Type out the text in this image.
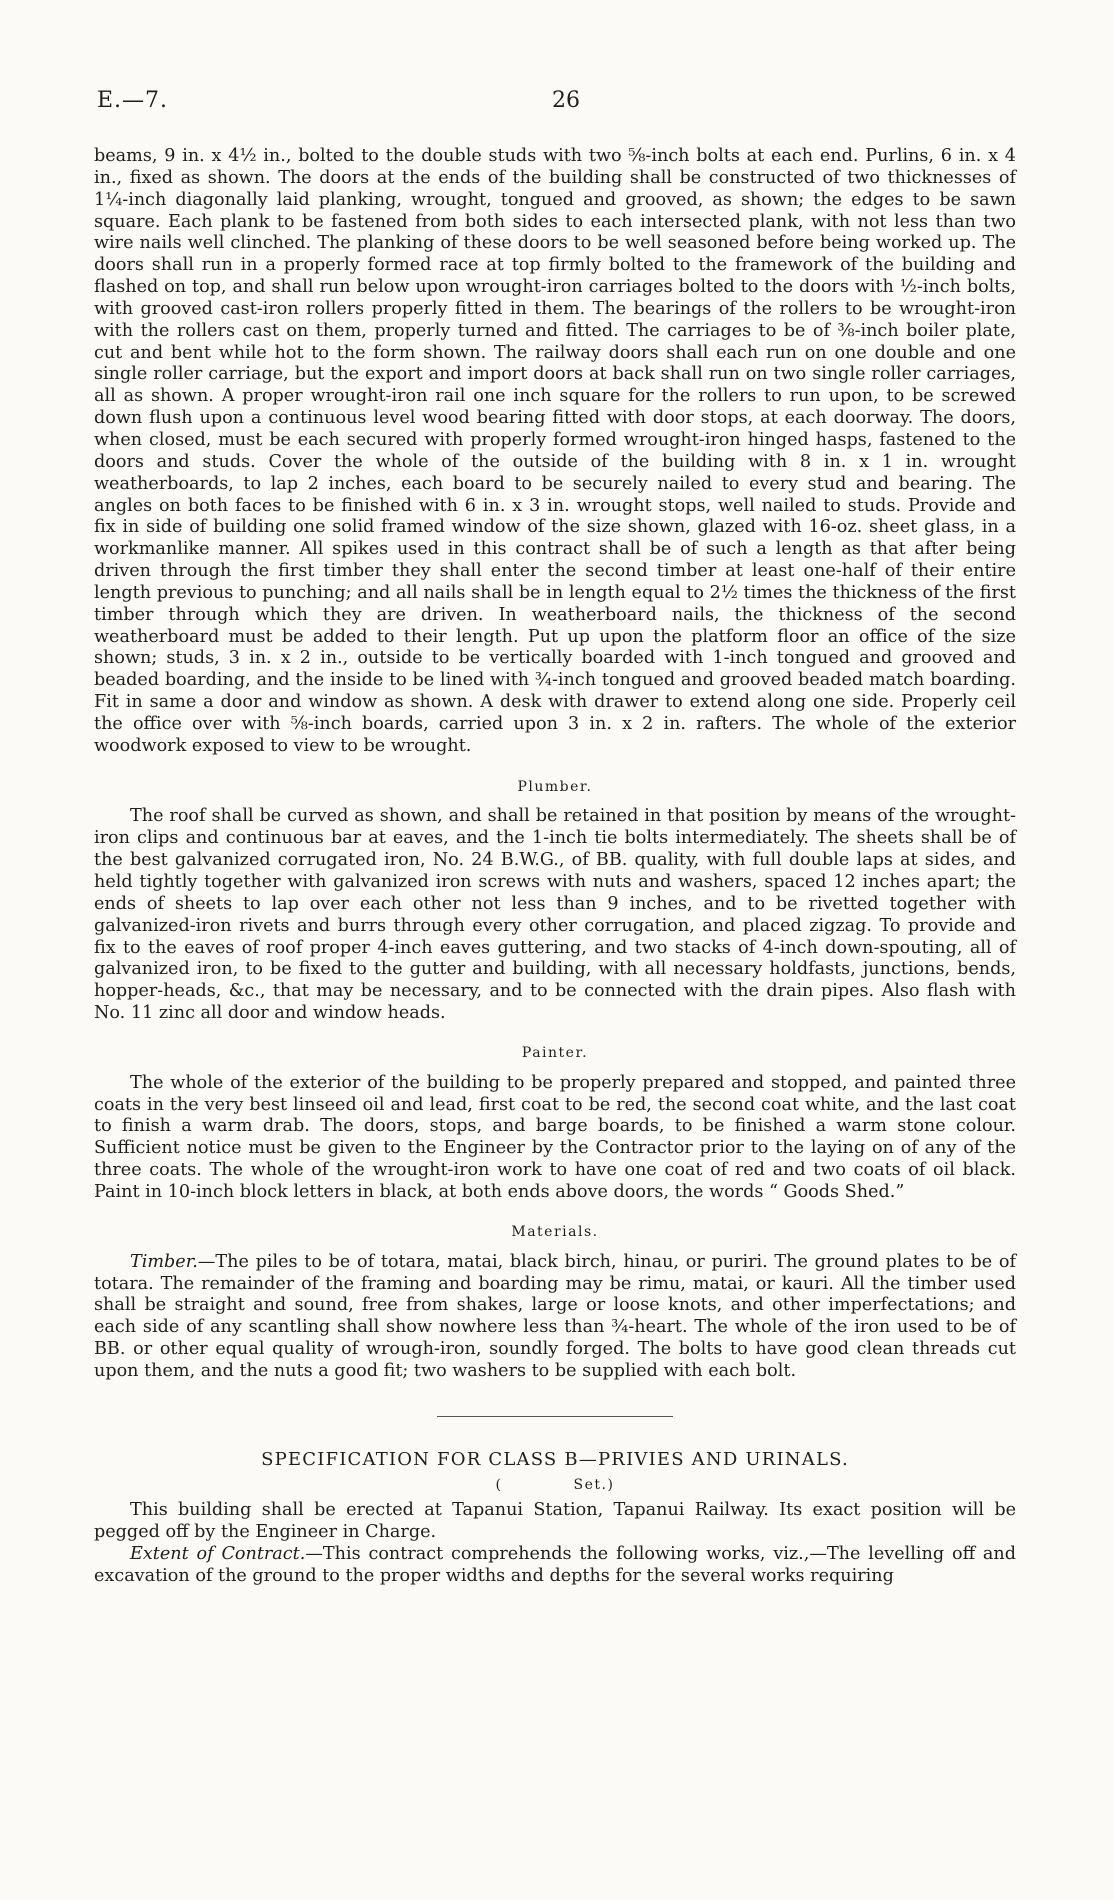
E.—7.	26

beams, 9 in. x 4½ in., bolted to the double studs with two ⅝-inch bolts at each end. Purlins, 6 in. x 4 in., fixed as shown. The doors at the ends of the building shall be constructed of two thicknesses of 1¼-inch diagonally laid planking, wrought, tongued and grooved, as shown; the edges to be sawn square. Each plank to be fastened from both sides to each intersected plank, with not less than two wire nails well clinched. The planking of these doors to be well seasoned before being worked up. The doors shall run in a properly formed race at top firmly bolted to the framework of the building and flashed on top, and shall run below upon wrought-iron carriages bolted to the doors with ½-inch bolts, with grooved cast-iron rollers properly fitted in them. The bearings of the rollers to be wrought-iron with the rollers cast on them, properly turned and fitted. The carriages to be of ⅜-inch boiler plate, cut and bent while hot to the form shown. The railway doors shall each run on one double and one single roller carriage, but the export and import doors at back shall run on two single roller carriages, all as shown. A proper wrought-iron rail one inch square for the rollers to run upon, to be screwed down flush upon a continuous level wood bearing fitted with door stops, at each doorway. The doors, when closed, must be each secured with properly formed wrought-iron hinged hasps, fastened to the doors and studs. Cover the whole of the outside of the building with 8 in. x 1 in. wrought weatherboards, to lap 2 inches, each board to be securely nailed to every stud and bearing. The angles on both faces to be finished with 6 in. x 3 in. wrought stops, well nailed to studs. Provide and fix in side of building one solid framed window of the size shown, glazed with 16-oz. sheet glass, in a workmanlike manner. All spikes used in this contract shall be of such a length as that after being driven through the first timber they shall enter the second timber at least one-half of their entire length previous to punching; and all nails shall be in length equal to 2½ times the thickness of the first timber through which they are driven. In weatherboard nails, the thickness of the second weatherboard must be added to their length. Put up upon the platform floor an office of the size shown; studs, 3 in. x 2 in., outside to be vertically boarded with 1-inch tongued and grooved and beaded boarding, and the inside to be lined with ¾-inch tongued and grooved beaded match boarding. Fit in same a door and window as shown. A desk with drawer to extend along one side. Properly ceil the office over with ⅝-inch boards, carried upon 3 in. x 2 in. rafters. The whole of the exterior woodwork exposed to view to be wrought.

Plumber.

The roof shall be curved as shown, and shall be retained in that position by means of the wrought-iron clips and continuous bar at eaves, and the 1-inch tie bolts intermediately. The sheets shall be of the best galvanized corrugated iron, No. 24 B.W.G., of BB. quality, with full double laps at sides, and held tightly together with galvanized iron screws with nuts and washers, spaced 12 inches apart; the ends of sheets to lap over each other not less than 9 inches, and to be rivetted together with galvanized-iron rivets and burrs through every other corrugation, and placed zigzag. To provide and fix to the eaves of roof proper 4-inch eaves guttering, and two stacks of 4-inch down-spouting, all of galvanized iron, to be fixed to the gutter and building, with all necessary holdfasts, junctions, bends, hopper-heads, &c., that may be necessary, and to be connected with the drain pipes. Also flash with No. 11 zinc all door and window heads.

Painter.

The whole of the exterior of the building to be properly prepared and stopped, and painted three coats in the very best linseed oil and lead, first coat to be red, the second coat white, and the last coat to finish a warm drab. The doors, stops, and barge boards, to be finished a warm stone colour. Sufficient notice must be given to the Engineer by the Contractor prior to the laying on of any of the three coats. The whole of the wrought-iron work to have one coat of red and two coats of oil black. Paint in 10-inch block letters in black, at both ends above doors, the words “ Goods Shed.”

Materials.

Timber.—The piles to be of totara, matai, black birch, hinau, or puriri. The ground plates to be of totara. The remainder of the framing and boarding may be rimu, matai, or kauri. All the timber used shall be straight and sound, free from shakes, large or loose knots, and other imperfectations; and each side of any scantling shall show nowhere less than ¾-heart. The whole of the iron used to be of BB. or other equal quality of wrough-iron, soundly forged. The bolts to have good clean threads cut upon them, and the nuts a good fit; two washers to be supplied with each bolt.

SPECIFICATION FOR CLASS B—PRIVIES AND URINALS.
(	Set.)

This building shall be erected at Tapanui Station, Tapanui Railway. Its exact position will be pegged off by the Engineer in Charge.

Extent of Contract.—This contract comprehends the following works, viz.,—The levelling off and excavation of the ground to the proper widths and depths for the several works requiring
